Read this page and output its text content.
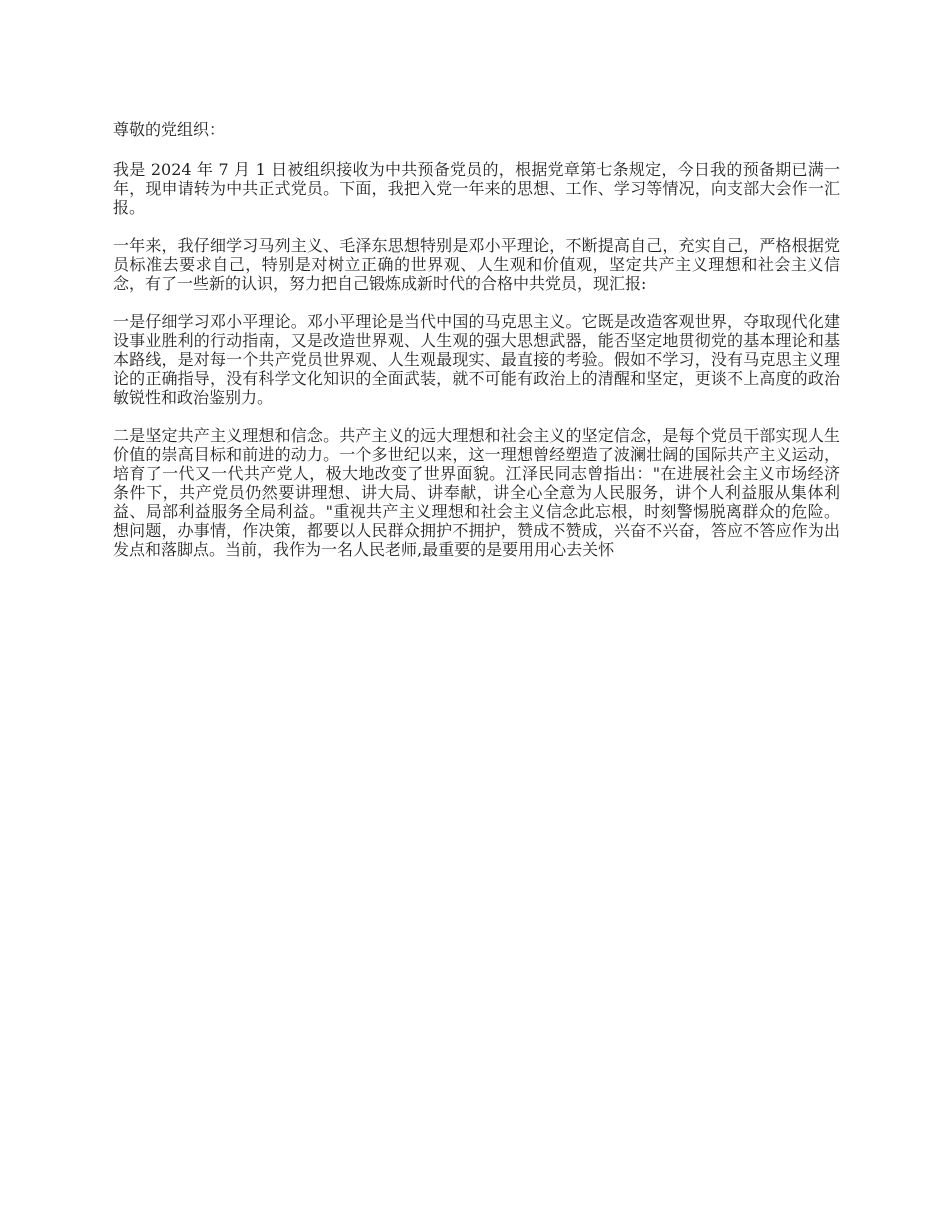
尊敬的党组织：

我是 2024 年 7 月 1 日被组织接收为中共预备党员的，根据党章第七条规定，今日我的预备期已满一年，现申请转为中共正式党员。下面，我把入党一年来的思想、工作、学习等情况，向支部大会作一汇报。

一年来，我仔细学习马列主义、毛泽东思想特别是邓小平理论，不断提高自己，充实自己，严格根据党员标准去要求自己，特别是对树立正确的世界观、人生观和价值观，坚定共产主义理想和社会主义信念，有了一些新的认识，努力把自己锻炼成新时代的合格中共党员，现汇报:

一是仔细学习邓小平理论。邓小平理论是当代中国的马克思主义。它既是改造客观世界，夺取现代化建设事业胜利的行动指南，又是改造世界观、人生观的强大思想武器，能否坚定地贯彻党的基本理论和基本路线，是对每一个共产党员世界观、人生观最现实、最直接的考验。假如不学习，没有马克思主义理论的正确指导，没有科学文化知识的全面武装，就不可能有政治上的清醒和坚定，更谈不上高度的政治敏锐性和政治鉴别力。

二是坚定共产主义理想和信念。共产主义的远大理想和社会主义的坚定信念，是每个党员干部实现人生价值的崇高目标和前进的动力。一个多世纪以来，这一理想曾经塑造了波澜壮阔的国际共产主义运动，培育了一代又一代共产党人，极大地改变了世界面貌。江泽民同志曾指出："在进展社会主义市场经济条件下，共产党员仍然要讲理想、讲大局、讲奉献，讲全心全意为人民服务，讲个人利益服从集体利益、局部利益服务全局利益。"重视共产主义理想和社会主义信念此忘根，时刻警惕脱离群众的危险。想问题，办事情，作决策，都要以人民群众拥护不拥护，赞成不赞成，兴奋不兴奋，答应不答应作为出发点和落脚点。当前，我作为一名人民老师,最重要的是要用用心去关怀
